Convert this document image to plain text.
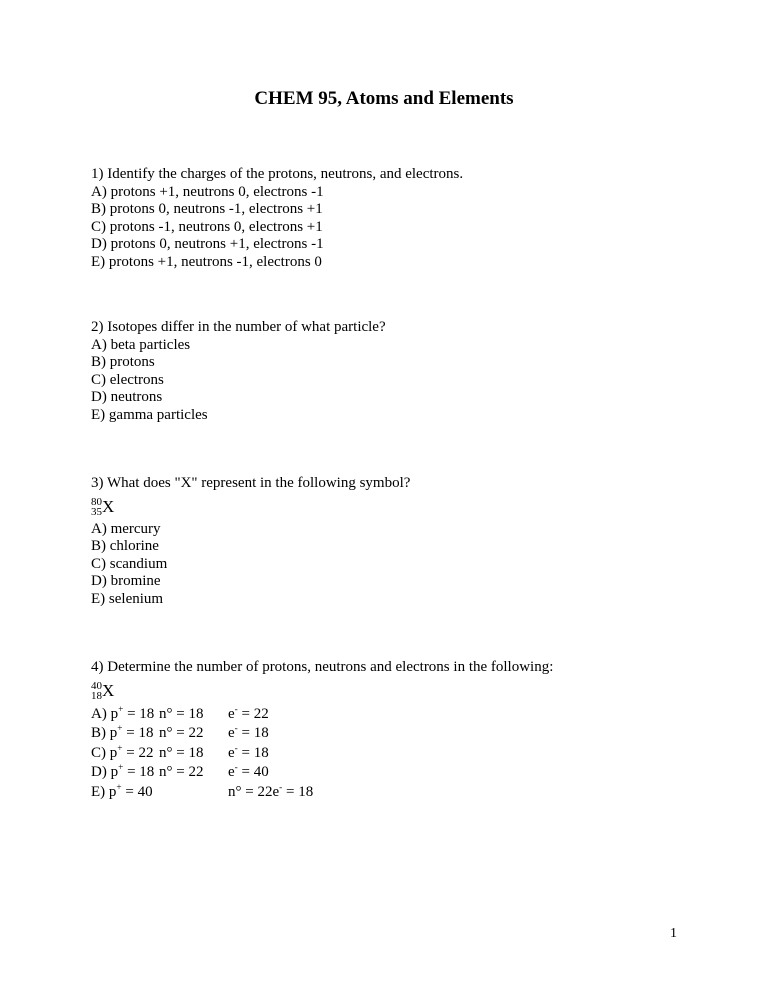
CHEM 95, Atoms and Elements
1) Identify the charges of the protons, neutrons, and electrons.
A) protons +1, neutrons 0, electrons -1
B) protons 0, neutrons -1, electrons +1
C) protons -1, neutrons 0, electrons +1
D) protons 0, neutrons +1, electrons -1
E) protons +1, neutrons -1, electrons 0
2) Isotopes differ in the number of what particle?
A) beta particles
B) protons
C) electrons
D) neutrons
E) gamma particles
3) What does "X" represent in the following symbol?
80
35 X
A) mercury
B) chlorine
C) scandium
D) bromine
E) selenium
4) Determine the number of protons, neutrons and electrons in the following:
40
18 X
A) p+ = 18 n° = 18 e- = 22
B) p+ = 18 n° = 22 e- = 18
C) p+ = 22 n° = 18 e- = 18
D) p+ = 18 n° = 22 e- = 40
E) p+ = 40	n° = 22e- = 18
1
